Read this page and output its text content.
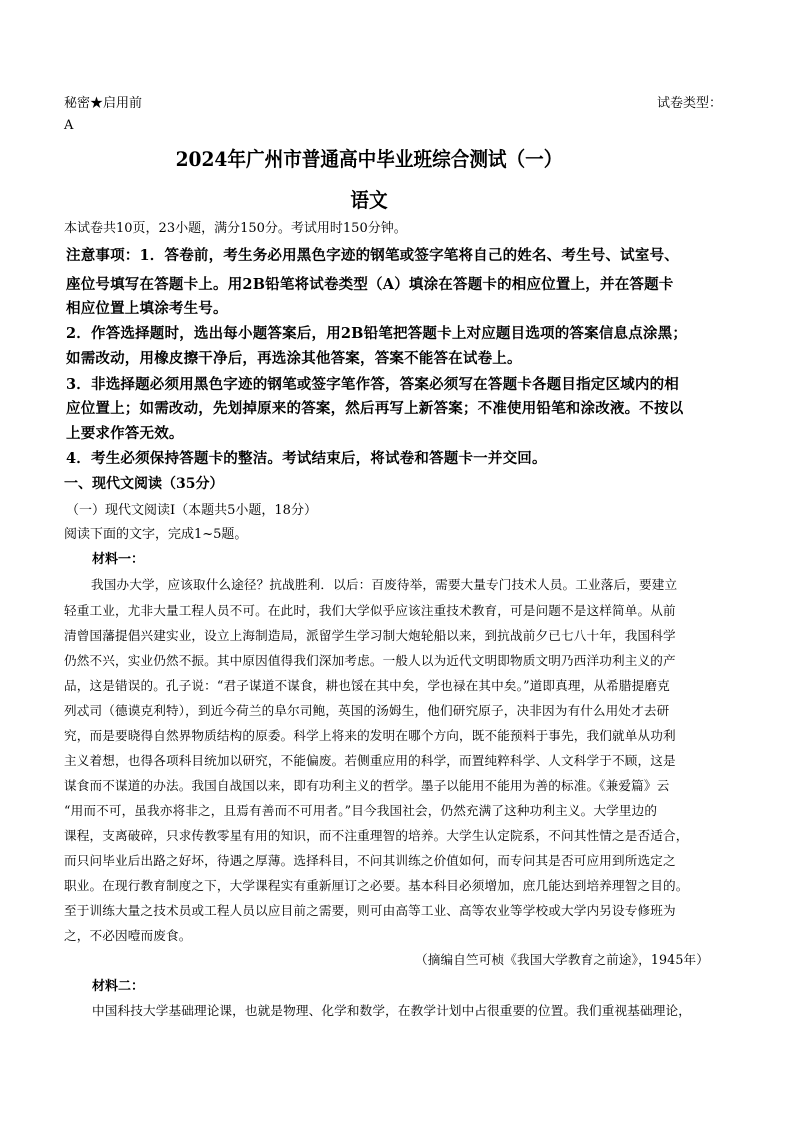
秘密★启用前	试卷类型：
A
2024年广州市普通高中毕业班综合测试（一）
语文
本试卷共10页，23小题，满分150分。考试用时150分钟。
注意事项：1．答卷前，考生务必用黑色字迹的钢笔或签字笔将自己的姓名、考生号、试室号、
座位号填写在答题卡上。用2B铅笔将试卷类型（A）填涂在答题卡的相应位置上，并在答题卡
相应位置上填涂考生号。
2．作答选择题时，选出每小题答案后，用2B铅笔把答题卡上对应题目选项的答案信息点涂黑；
如需改动，用橡皮擦干净后，再选涂其他答案，答案不能答在试卷上。
3．非选择题必须用黑色字迹的钢笔或签字笔作答，答案必须写在答题卡各题目指定区域内的相
应位置上；如需改动，先划掉原来的答案，然后再写上新答案；不准使用铅笔和涂改液。不按以
上要求作答无效。
4．考生必须保持答题卡的整洁。考试结束后，将试卷和答题卡一并交回。
一、现代文阅读（35分）
（一）现代文阅读Ⅰ（本题共5小题，18分）
阅读下面的文字，完成1~5题。
材料一：
我国办大学，应该取什么途径？抗战胜利．以后：百废待举，需要大量专门技术人员。工业落后，要建立
轻重工业，尤非大量工程人员不可。在此时，我们大学似乎应该注重技术教育，可是问题不是这样简单。从前
清曾国藩提倡兴建实业，设立上海制造局，派留学生学习制大炮轮船以来，到抗战前夕已七八十年，我国科学
仍然不兴，实业仍然不振。其中原因值得我们深加考虑。一般人以为近代文明即物质文明乃西洋功利主义的产
品，这是错误的。孔子说：“君子谋道不谋食，耕也馁在其中矣，学也禄在其中矣。”道即真理，从希腊提磨克
列忒司（德谟克利特），到近今荷兰的阜尔司鲍，英国的汤姆生，他们研究原子，决非因为有什么用处才去研
究，而是要晓得自然界物质结构的原委。科学上将来的发明在哪个方向，既不能预料于事先，我们就单从功利
主义着想，也得各项科目统加以研究，不能偏废。若侧重应用的科学，而置纯粹科学、人文科学于不顾，这是
谋食而不谋道的办法。我国自战国以来，即有功利主义的哲学。墨子以能用不能用为善的标准。《兼爱篇》云
“用而不可，虽我亦将非之，且焉有善而不可用者。”目今我国社会，仍然充满了这种功利主义。大学里边的
课程，支离破碎，只求传教零星有用的知识，而不注重理智的培养。大学生认定院系，不问其性情之是否适合，
而只问毕业后出路之好坏，待遇之厚薄。选择科目，不问其训练之价值如何，而专问其是否可应用到所选定之
职业。在现行教育制度之下，大学课程实有重新厘订之必要。基本科目必须增加，庶几能达到培养理智之目的。
至于训练大量之技术员或工程人员以应目前之需要，则可由高等工业、高等农业等学校或大学内另设专修班为
之，不必因噎而废食。
（摘编自竺可桢《我国大学教育之前途》，1945年）
材料二：
中国科技大学基础理论课，也就是物理、化学和数学，在教学计划中占很重要的位置。我们重视基础理论，
